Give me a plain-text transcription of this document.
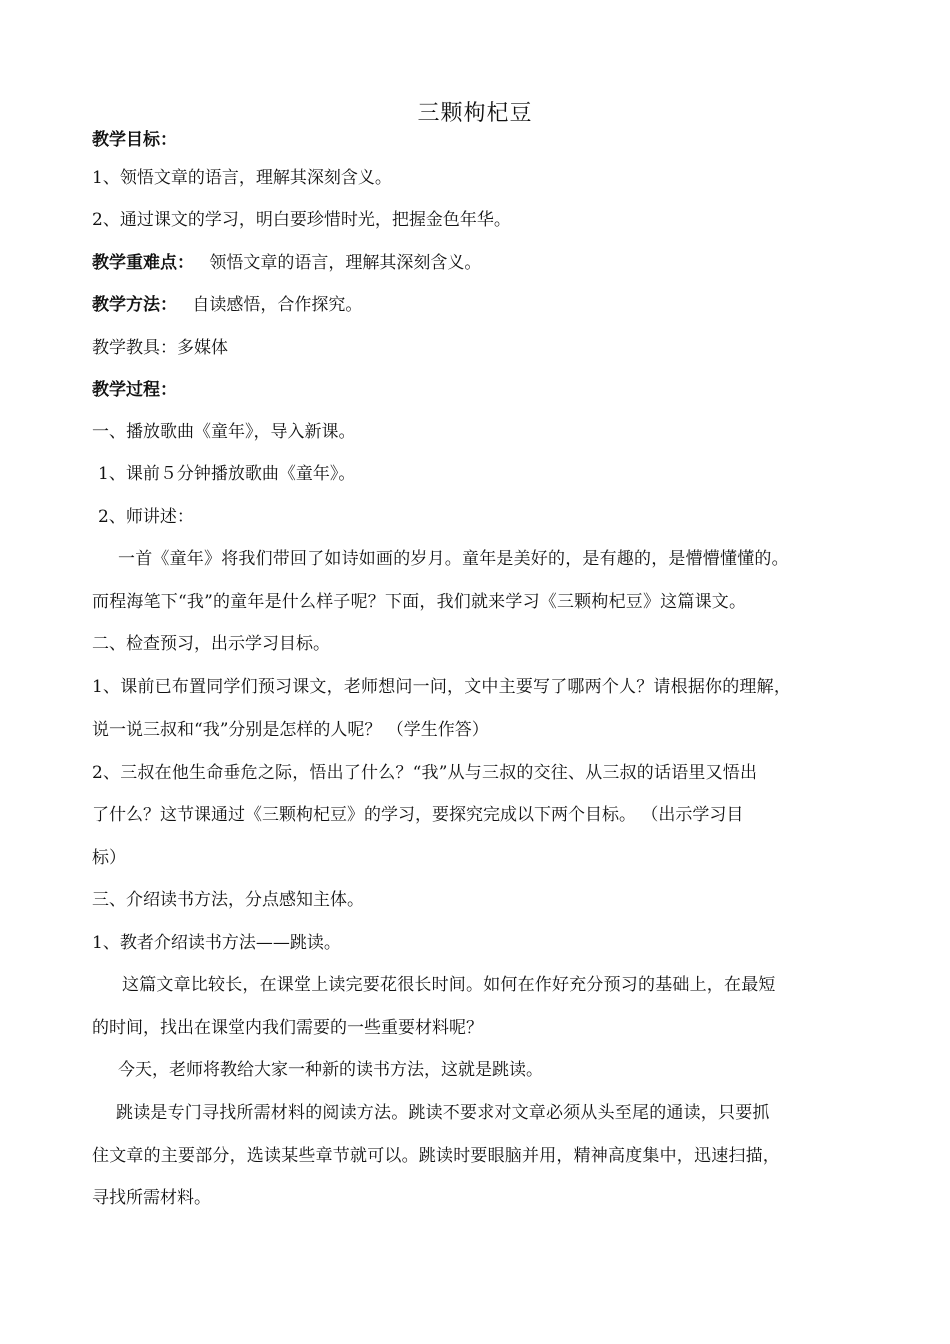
三颗枸杞豆
教学目标：
1、领悟文章的语言，理解其深刻含义。
2、通过课文的学习，明白要珍惜时光，把握金色年华。
教学重难点： 领悟文章的语言，理解其深刻含义。
教学方法： 自读感悟，合作探究。
教学教具：多媒体
教学过程：
一、播放歌曲《童年》，导入新课。
1、课前５分钟播放歌曲《童年》。
2、师讲述：
一首《童年》将我们带回了如诗如画的岁月。童年是美好的，是有趣的，是懵懵懂懂的。
而程海笔下“我”的童年是什么样子呢？下面，我们就来学习《三颗枸杞豆》这篇课文。
二、检查预习，出示学习目标。
1、课前已布置同学们预习课文，老师想问一问，文中主要写了哪两个人？请根据你的理解，
说一说三叔和“我”分别是怎样的人呢？ （学生作答）
2、三叔在他生命垂危之际，悟出了什么？“我”从与三叔的交往、从三叔的话语里又悟出
了什么？这节课通过《三颗枸杞豆》的学习，要探究完成以下两个目标。 （出示学习目
标）
三、介绍读书方法，分点感知主体。
1、教者介绍读书方法——跳读。
这篇文章比较长，在课堂上读完要花很长时间。如何在作好充分预习的基础上，在最短
的时间，找出在课堂内我们需要的一些重要材料呢？
今天，老师将教给大家一种新的读书方法，这就是跳读。
跳读是专门寻找所需材料的阅读方法。跳读不要求对文章必须从头至尾的通读，只要抓
住文章的主要部分，选读某些章节就可以。跳读时要眼脑并用，精神高度集中，迅速扫描，
寻找所需材料。
